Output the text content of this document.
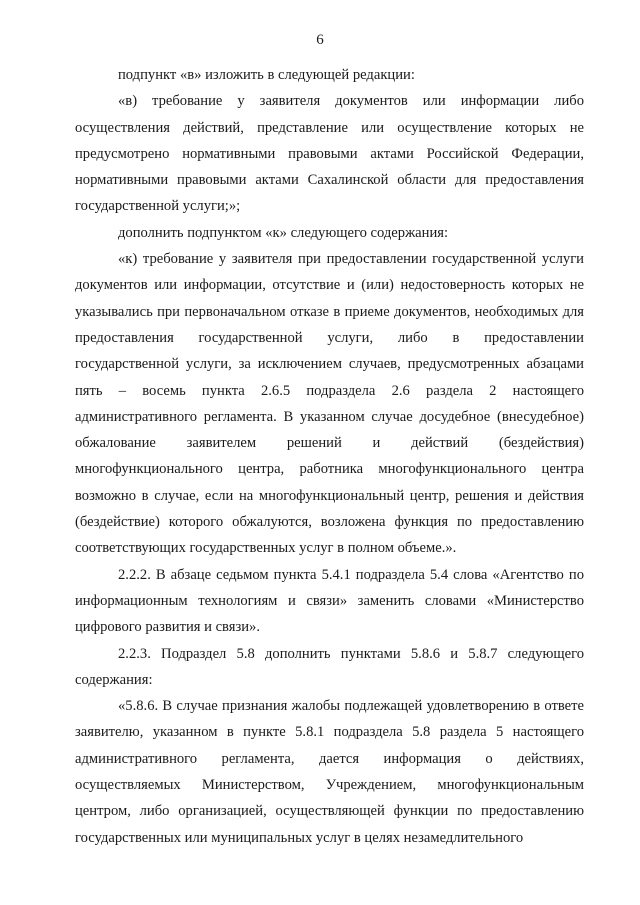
6

подпункт «в» изложить в следующей редакции:

«в) требование у заявителя документов или информации либо осуществления действий, представление или осуществление которых не предусмотрено нормативными правовыми актами Российской Федерации, нормативными правовыми актами Сахалинской области для предоставления государственной услуги;»;

дополнить подпунктом «к» следующего содержания:

«к) требование у заявителя при предоставлении государственной услуги документов или информации, отсутствие и (или) недостоверность которых не указывались при первоначальном отказе в приеме документов, необходимых для предоставления государственной услуги, либо в предоставлении государственной услуги, за исключением случаев, предусмотренных абзацами пять – восемь пункта 2.6.5 подраздела 2.6 раздела 2 настоящего административного регламента. В указанном случае досудебное (внесудебное) обжалование заявителем решений и действий (бездействия) многофункционального центра, работника многофункционального центра возможно в случае, если на многофункциональный центр, решения и действия (бездействие) которого обжалуются, возложена функция по предоставлению соответствующих государственных услуг в полном объеме.».

2.2.2. В абзаце седьмом пункта 5.4.1 подраздела 5.4 слова «Агентство по информационным технологиям и связи» заменить словами «Министерство цифрового развития и связи».

2.2.3. Подраздел 5.8 дополнить пунктами 5.8.6 и 5.8.7 следующего содержания:

«5.8.6. В случае признания жалобы подлежащей удовлетворению в ответе заявителю, указанном в пункте 5.8.1 подраздела 5.8 раздела 5 настоящего административного регламента, дается информация о действиях, осуществляемых Министерством, Учреждением, многофункциональным центром, либо организацией, осуществляющей функции по предоставлению государственных или муниципальных услуг в целях незамедлительного
